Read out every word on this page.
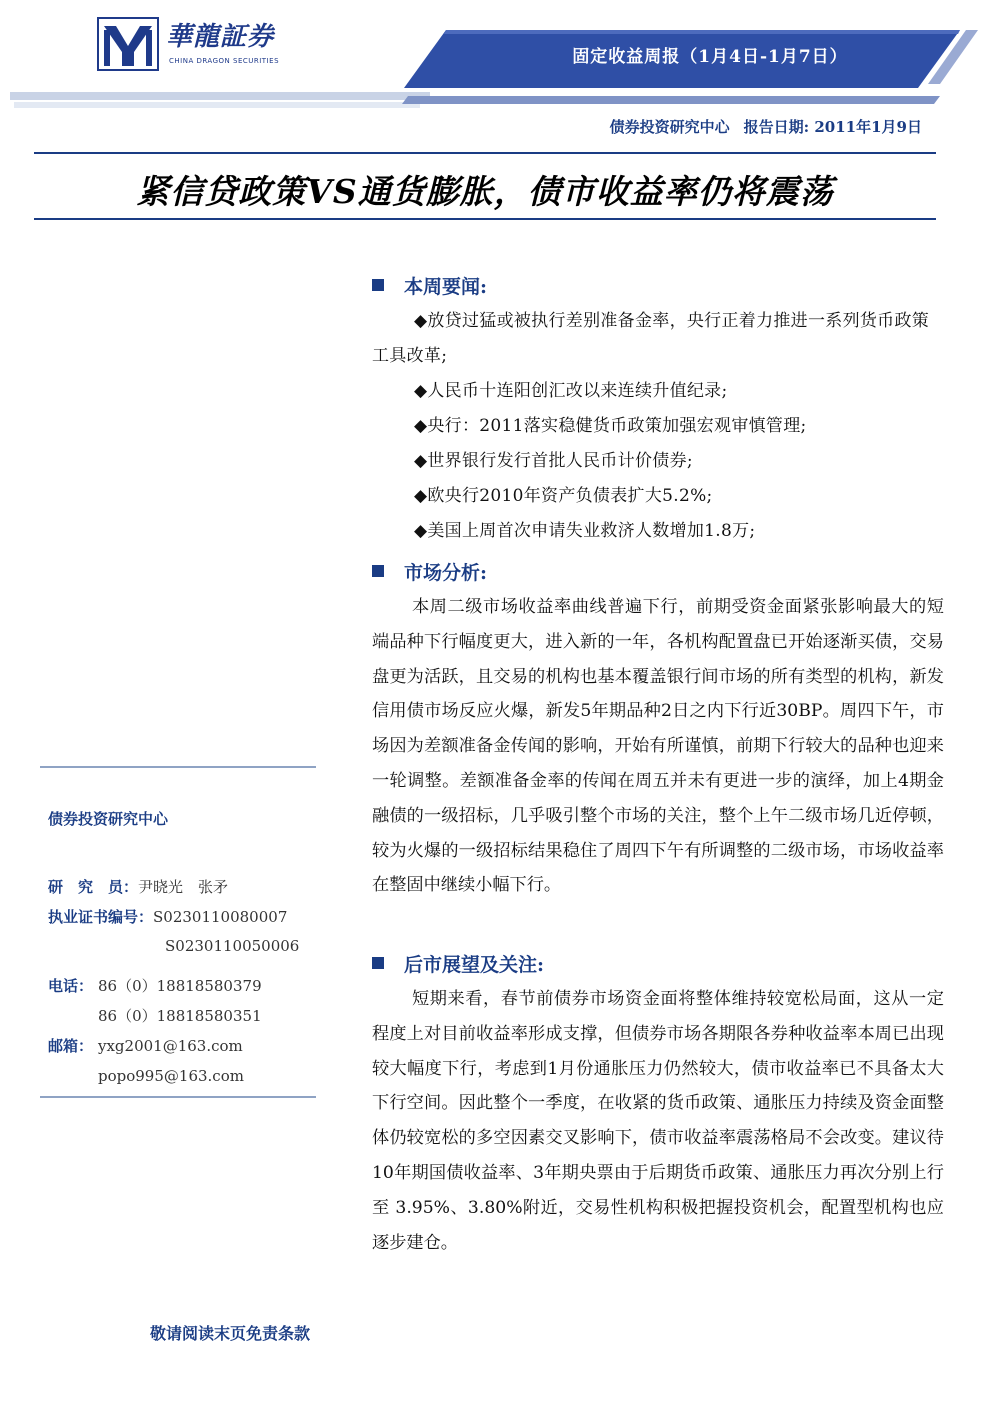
華龍証券
CHINA DRAGON SECURITIES	固定收益周报（1月4日-1月7日）
债券投资研究中心 报告日期: 2011年1月9日
紧信贷政策VS通货膨胀，债市收益率仍将震荡
债券投资研究中心
研　究　员：尹晓光　张矛
执业证书编号：S0230110080007
S0230110050006
电话： 86（0）18818580379
86（0）18818580351
邮箱： yxg2001@163.com
popo995@163.com
敬请阅读末页免责条款
本周要闻:

◆放贷过猛或被执行差别准备金率，央行正着力推进一系列货币政策工具改革;

◆人民币十连阳创汇改以来连续升值纪录;

◆央行：2011落实稳健货币政策加强宏观审慎管理;

◆世界银行发行首批人民币计价债券;

◆欧央行2010年资产负债表扩大5.2%;

◆美国上周首次申请失业救济人数增加1.8万;

市场分析:

本周二级市场收益率曲线普遍下行，前期受资金面紧张影响最大的短端品种下行幅度更大，进入新的一年，各机构配置盘已开始逐渐买债，交易盘更为活跃，且交易的机构也基本覆盖银行间市场的所有类型的机构，新发信用债市场反应火爆，新发5年期品种2日之内下行近30BP。周四下午，市场因为差额准备金传闻的影响，开始有所谨慎，前期下行较大的品种也迎来一轮调整。差额准备金率的传闻在周五并未有更进一步的演绎，加上4期金融债的一级招标，几乎吸引整个市场的关注，整个上午二级市场几近停顿，较为火爆的一级招标结果稳住了周四下午有所调整的二级市场，市场收益率在整固中继续小幅下行。

后市展望及关注:

短期来看，春节前债券市场资金面将整体维持较宽松局面，这从一定程度上对目前收益率形成支撑，但债券市场各期限各券种收益率本周已出现较大幅度下行，考虑到1月份通胀压力仍然较大，债市收益率已不具备太大下行空间。因此整个一季度，在收紧的货币政策、通胀压力持续及资金面整体仍较宽松的多空因素交叉影响下，债市收益率震荡格局不会改变。建议待10年期国债收益率、3年期央票由于后期货币政策、通胀压力再次分别上行至 3.95%、3.80%附近，交易性机构积极把握投资机会，配置型机构也应逐步建仓。
